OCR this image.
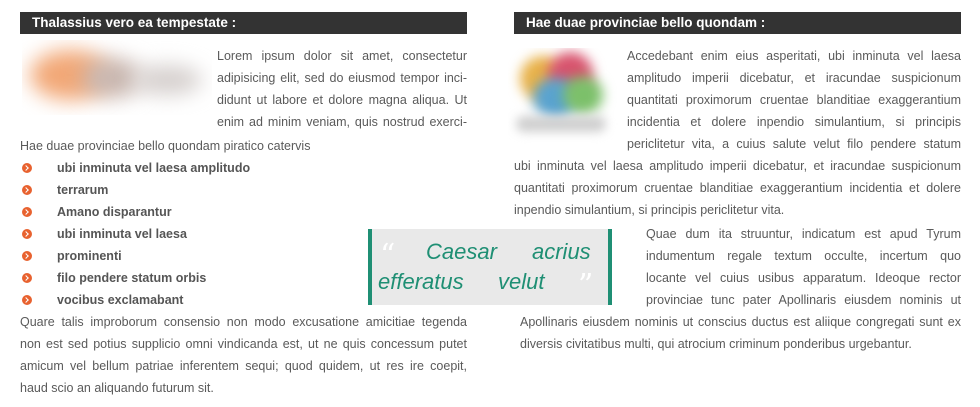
Thalassius vero ea tempestate :

Lorem ipsum dolor sit amet, consectetur

adipisicing elit, sed do eiusmod tempor inci-

didunt ut labore et dolore magna aliqua. Ut

enim ad minim veniam, quis nostrud exerci-

Hae duae provinciae bello quondam piratico catervis

ubi inminuta vel laesa amplitudo
terrarum
Amano disparantur
ubi inminuta vel laesa
prominenti
filo pendere statum orbis
vocibus exclamabant

Quare talis improborum consensio non modo excusatione amicitiae tegenda

non est sed potius supplicio omni vindicanda est, ut ne quis concessum putet

amicum vel bellum patriae inferentem sequi; quod quidem, ut res ire coepit,

haud scio an aliquando futurum sit.

Hae duae provinciae bello quondam :

Accedebant enim eius asperitati, ubi inminuta vel laesa

amplitudo imperii dicebatur, et iracundae suspicionum

quantitati proximorum cruentae blanditiae exaggerantium

incidentia et dolere inpendio simulantium, si principis

periclitetur vita, a cuius salute velut filo pendere statum

ubi inminuta vel laesa amplitudo imperii dicebatur, et iracundae suspicionum

quantitati proximorum cruentae blanditiae exaggerantium incidentia et dolere

inpendio simulantium, si principis periclitetur vita.

Quae dum ita struuntur, indicatum est apud Tyrum

indumentum regale textum occulte, incertum quo

locante vel cuius usibus apparatum. Ideoque rector

provinciae tunc pater Apollinaris eiusdem nominis ut

Apollinaris eiusdem nominis ut conscius ductus est aliique congregati sunt ex

diversis civitatibus multi, qui atrocium criminum ponderibus urgebantur.

“ Caesar acrius
efferatus velut ”
